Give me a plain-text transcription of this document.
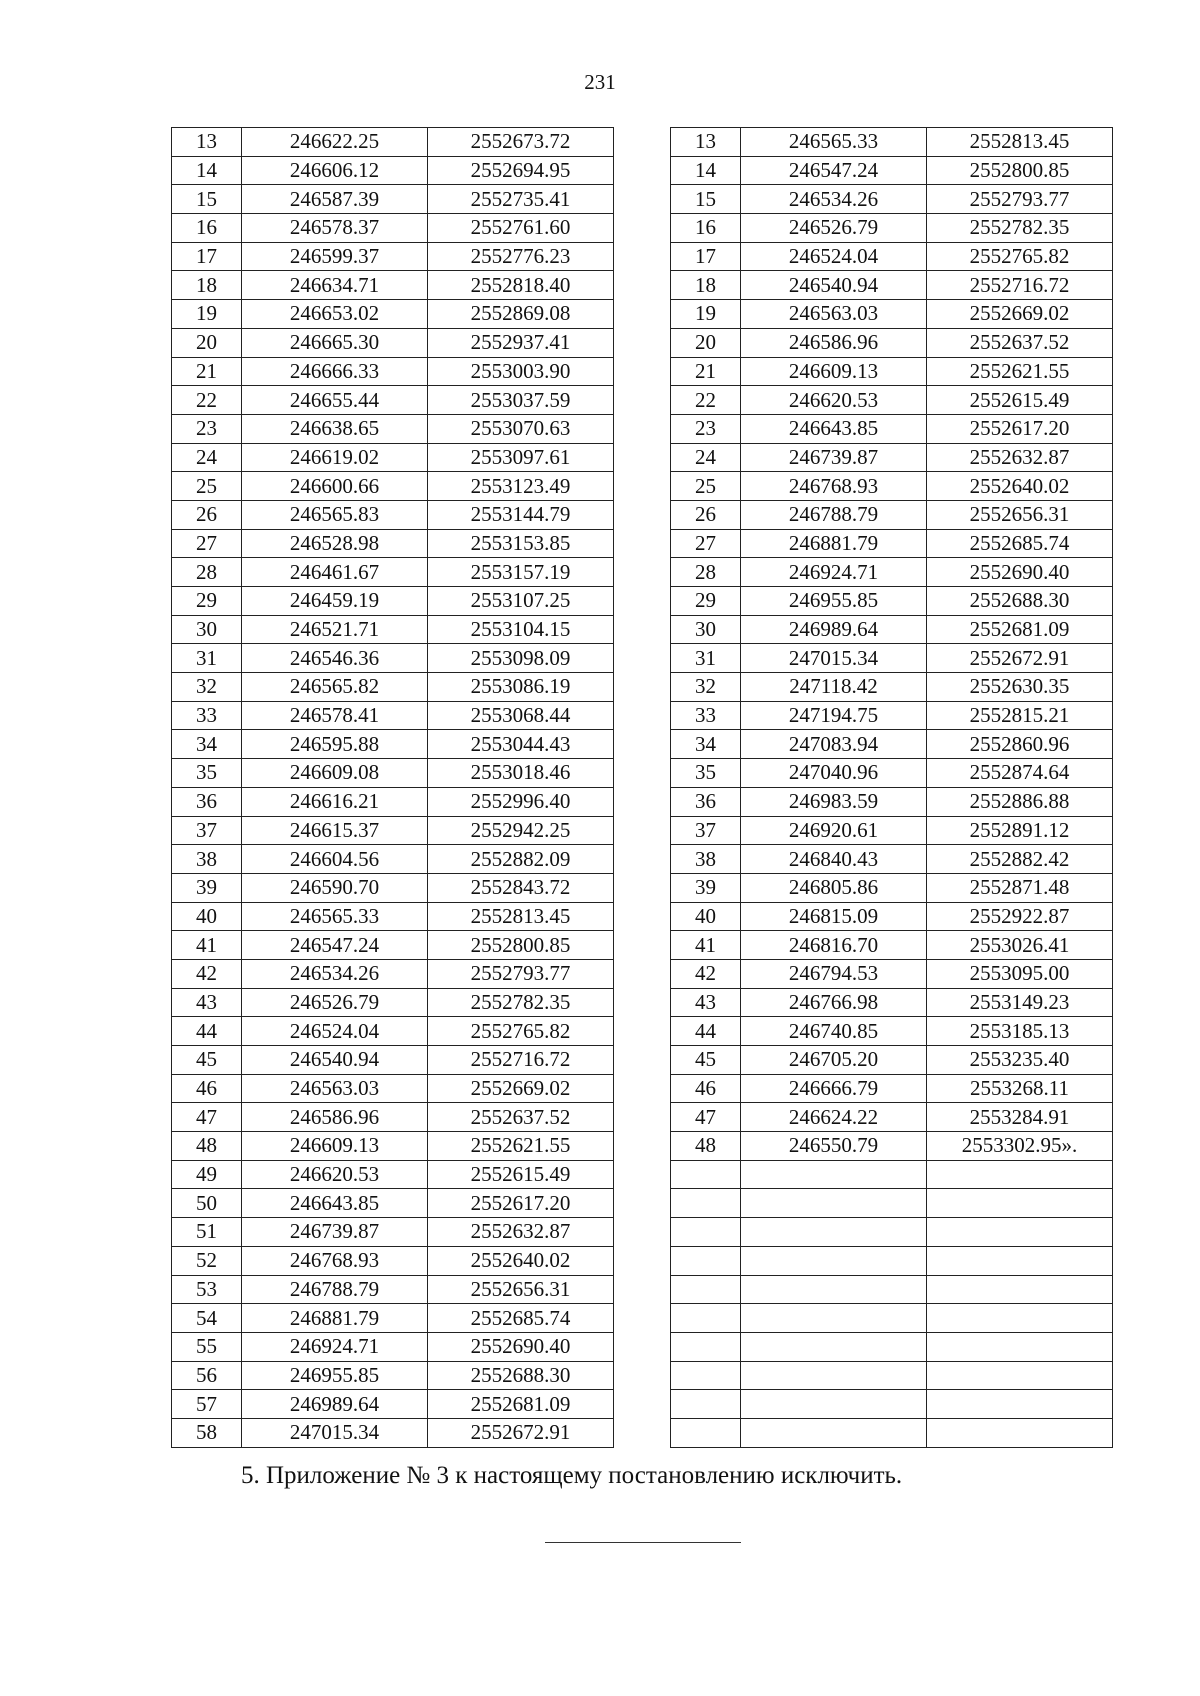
231
13	246622.25	2552673.72		13	246565.33	2552813.45
14	246606.12	2552694.95		14	246547.24	2552800.85
15	246587.39	2552735.41		15	246534.26	2552793.77
16	246578.37	2552761.60		16	246526.79	2552782.35
17	246599.37	2552776.23		17	246524.04	2552765.82
18	246634.71	2552818.40		18	246540.94	2552716.72
19	246653.02	2552869.08		19	246563.03	2552669.02
20	246665.30	2552937.41		20	246586.96	2552637.52
21	246666.33	2553003.90		21	246609.13	2552621.55
22	246655.44	2553037.59		22	246620.53	2552615.49
23	246638.65	2553070.63		23	246643.85	2552617.20
24	246619.02	2553097.61		24	246739.87	2552632.87
25	246600.66	2553123.49		25	246768.93	2552640.02
26	246565.83	2553144.79		26	246788.79	2552656.31
27	246528.98	2553153.85		27	246881.79	2552685.74
28	246461.67	2553157.19		28	246924.71	2552690.40
29	246459.19	2553107.25		29	246955.85	2552688.30
30	246521.71	2553104.15		30	246989.64	2552681.09
31	246546.36	2553098.09		31	247015.34	2552672.91
32	246565.82	2553086.19		32	247118.42	2552630.35
33	246578.41	2553068.44		33	247194.75	2552815.21
34	246595.88	2553044.43		34	247083.94	2552860.96
35	246609.08	2553018.46		35	247040.96	2552874.64
36	246616.21	2552996.40		36	246983.59	2552886.88
37	246615.37	2552942.25		37	246920.61	2552891.12
38	246604.56	2552882.09		38	246840.43	2552882.42
39	246590.70	2552843.72		39	246805.86	2552871.48
40	246565.33	2552813.45		40	246815.09	2552922.87
41	246547.24	2552800.85		41	246816.70	2553026.41
42	246534.26	2552793.77		42	246794.53	2553095.00
43	246526.79	2552782.35		43	246766.98	2553149.23
44	246524.04	2552765.82		44	246740.85	2553185.13
45	246540.94	2552716.72		45	246705.20	2553235.40
46	246563.03	2552669.02		46	246666.79	2553268.11
47	246586.96	2552637.52		47	246624.22	2553284.91
48	246609.13	2552621.55		48	246550.79	2553302.95».
49	246620.53	2552615.49				
50	246643.85	2552617.20				
51	246739.87	2552632.87				
52	246768.93	2552640.02				
53	246788.79	2552656.31				
54	246881.79	2552685.74				
55	246924.71	2552690.40				
56	246955.85	2552688.30				
57	246989.64	2552681.09				
58	247015.34	2552672.91				
5. Приложение № 3 к настоящему постановлению исключить.
